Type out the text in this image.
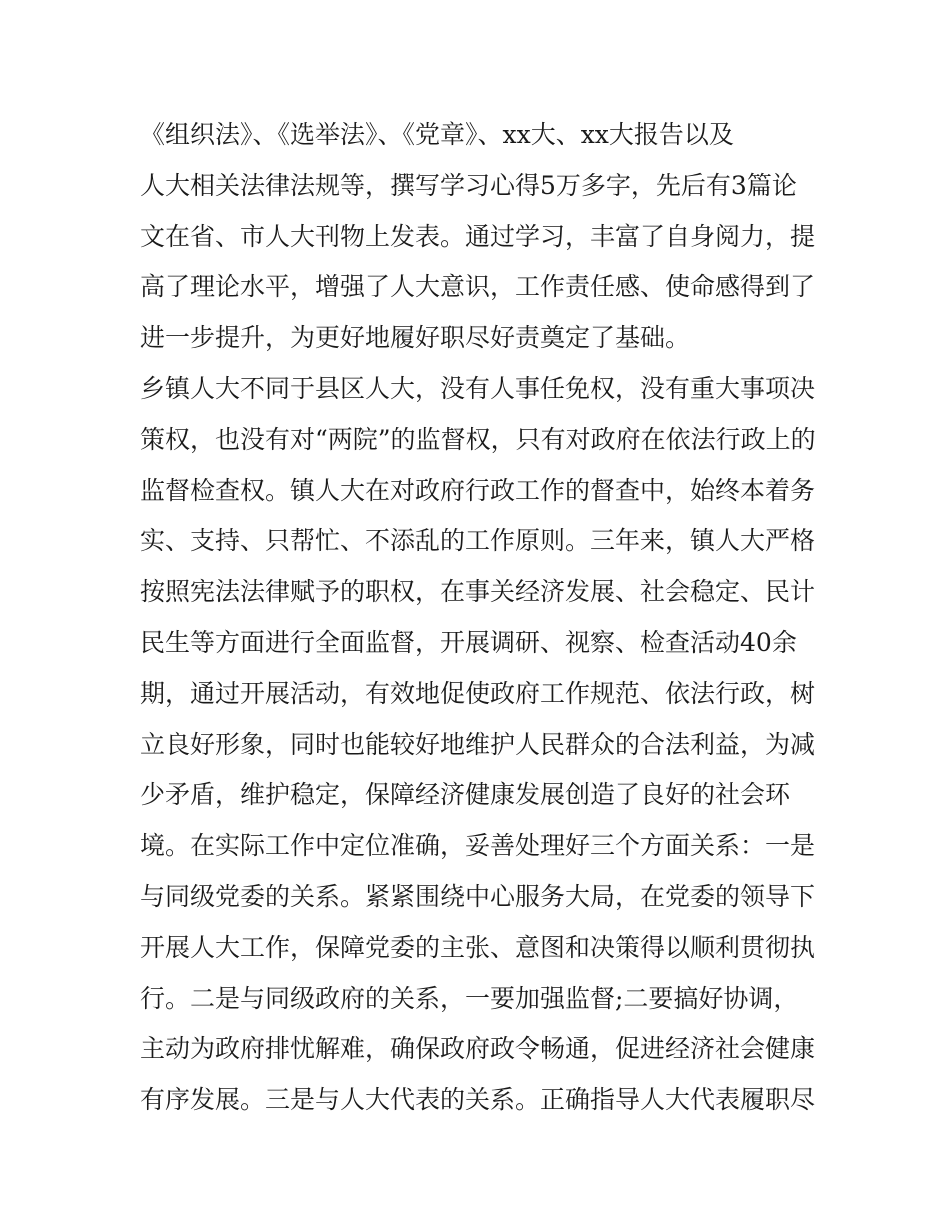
《组织法》、《选举法》、《党章》、xx大、xx大报告以及
人大相关法律法规等，撰写学习心得5万多字，先后有3篇论
文在省、市人大刊物上发表。通过学习，丰富了自身阅力，提
高了理论水平，增强了人大意识，工作责任感、使命感得到了
进一步提升，为更好地履好职尽好责奠定了基础。
乡镇人大不同于县区人大，没有人事任免权，没有重大事项决
策权，也没有对“两院”的监督权，只有对政府在依法行政上的
监督检查权。镇人大在对政府行政工作的督查中，始终本着务
实、支持、只帮忙、不添乱的工作原则。三年来，镇人大严格
按照宪法法律赋予的职权，在事关经济发展、社会稳定、民计
民生等方面进行全面监督，开展调研、视察、检查活动40余
期，通过开展活动，有效地促使政府工作规范、依法行政，树
立良好形象，同时也能较好地维护人民群众的合法利益，为减
少矛盾，维护稳定，保障经济健康发展创造了良好的社会环
境。在实际工作中定位准确，妥善处理好三个方面关系：一是
与同级党委的关系。紧紧围绕中心服务大局，在党委的领导下
开展人大工作，保障党委的主张、意图和决策得以顺利贯彻执
行。二是与同级政府的关系，一要加强监督;二要搞好协调，
主动为政府排忧解难，确保政府政令畅通，促进经济社会健康
有序发展。三是与人大代表的关系。正确指导人大代表履职尽
